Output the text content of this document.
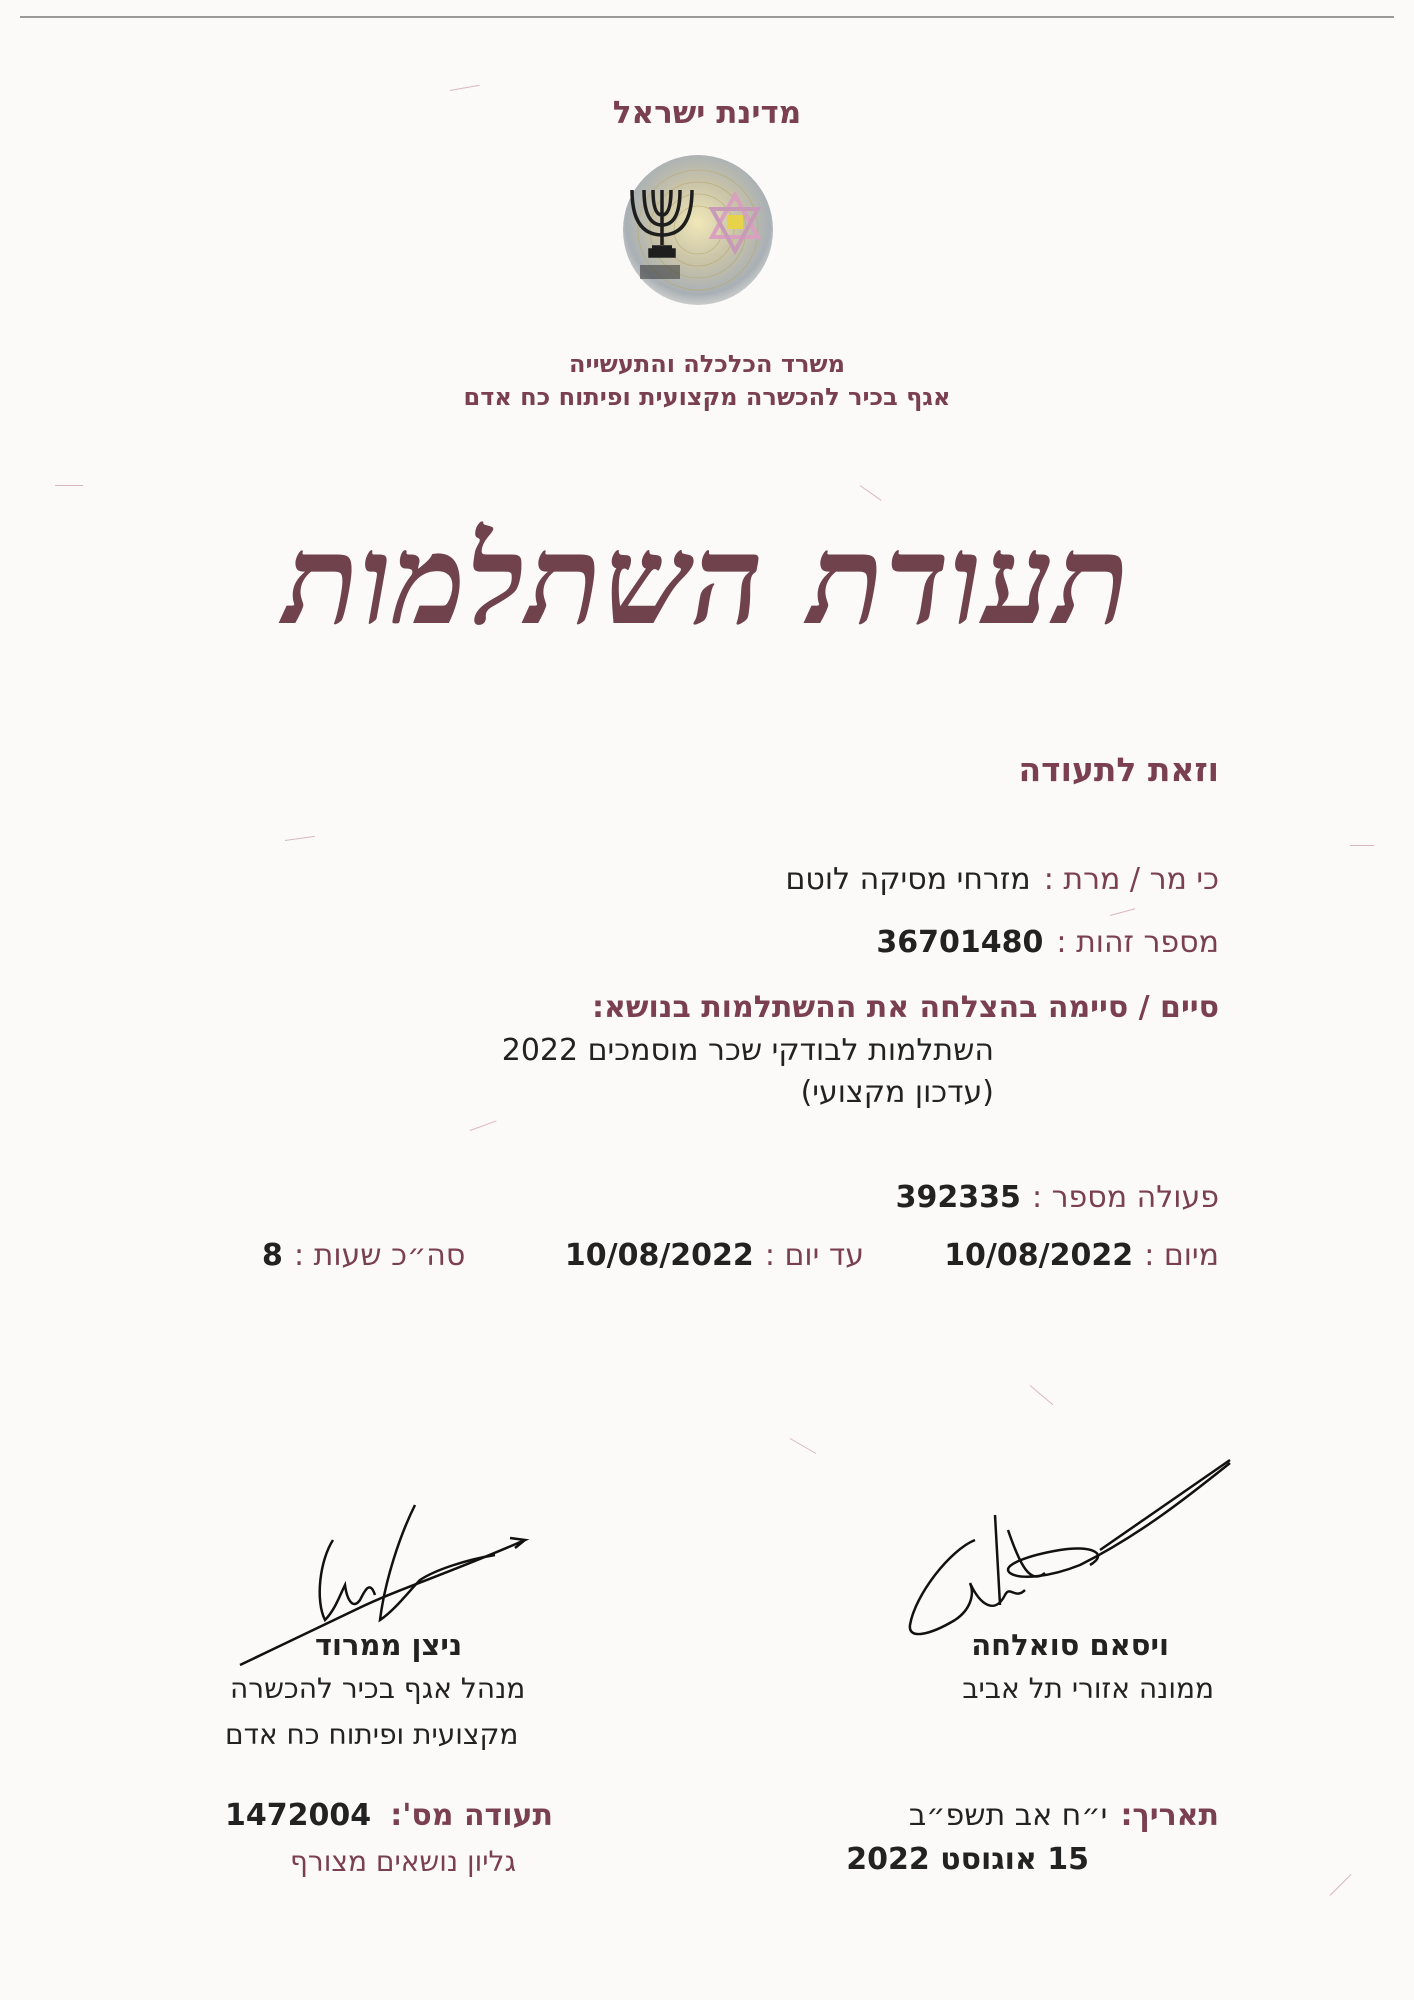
מדינת ישראל
משרד הכלכלה והתעשייה
אגף בכיר להכשרה מקצועית ופיתוח כח אדם
תעודת השתלמות
וזאת לתעודה
כי מר / מרת : מזרחי מסיקה לוטם
מספר זהות : 36701480
סיים / סיימה בהצלחה את ההשתלמות בנושא:
השתלמות לבודקי שכר מוסמכים 2022
(עדכון מקצועי)
פעולה מספר : 392335
מיום : 10/08/2022
עד יום : 10/08/2022
סה״כ שעות : 8
ויסאם סואלחה
ממונה אזורי תל אביב
ניצן ממרוד
מנהל אגף בכיר להכשרה
מקצועית ופיתוח כח אדם
תאריך: י״ח אב תשפ״ב
15 אוגוסט 2022
תעודה מס': 1472004
גליון נושאים מצורף
